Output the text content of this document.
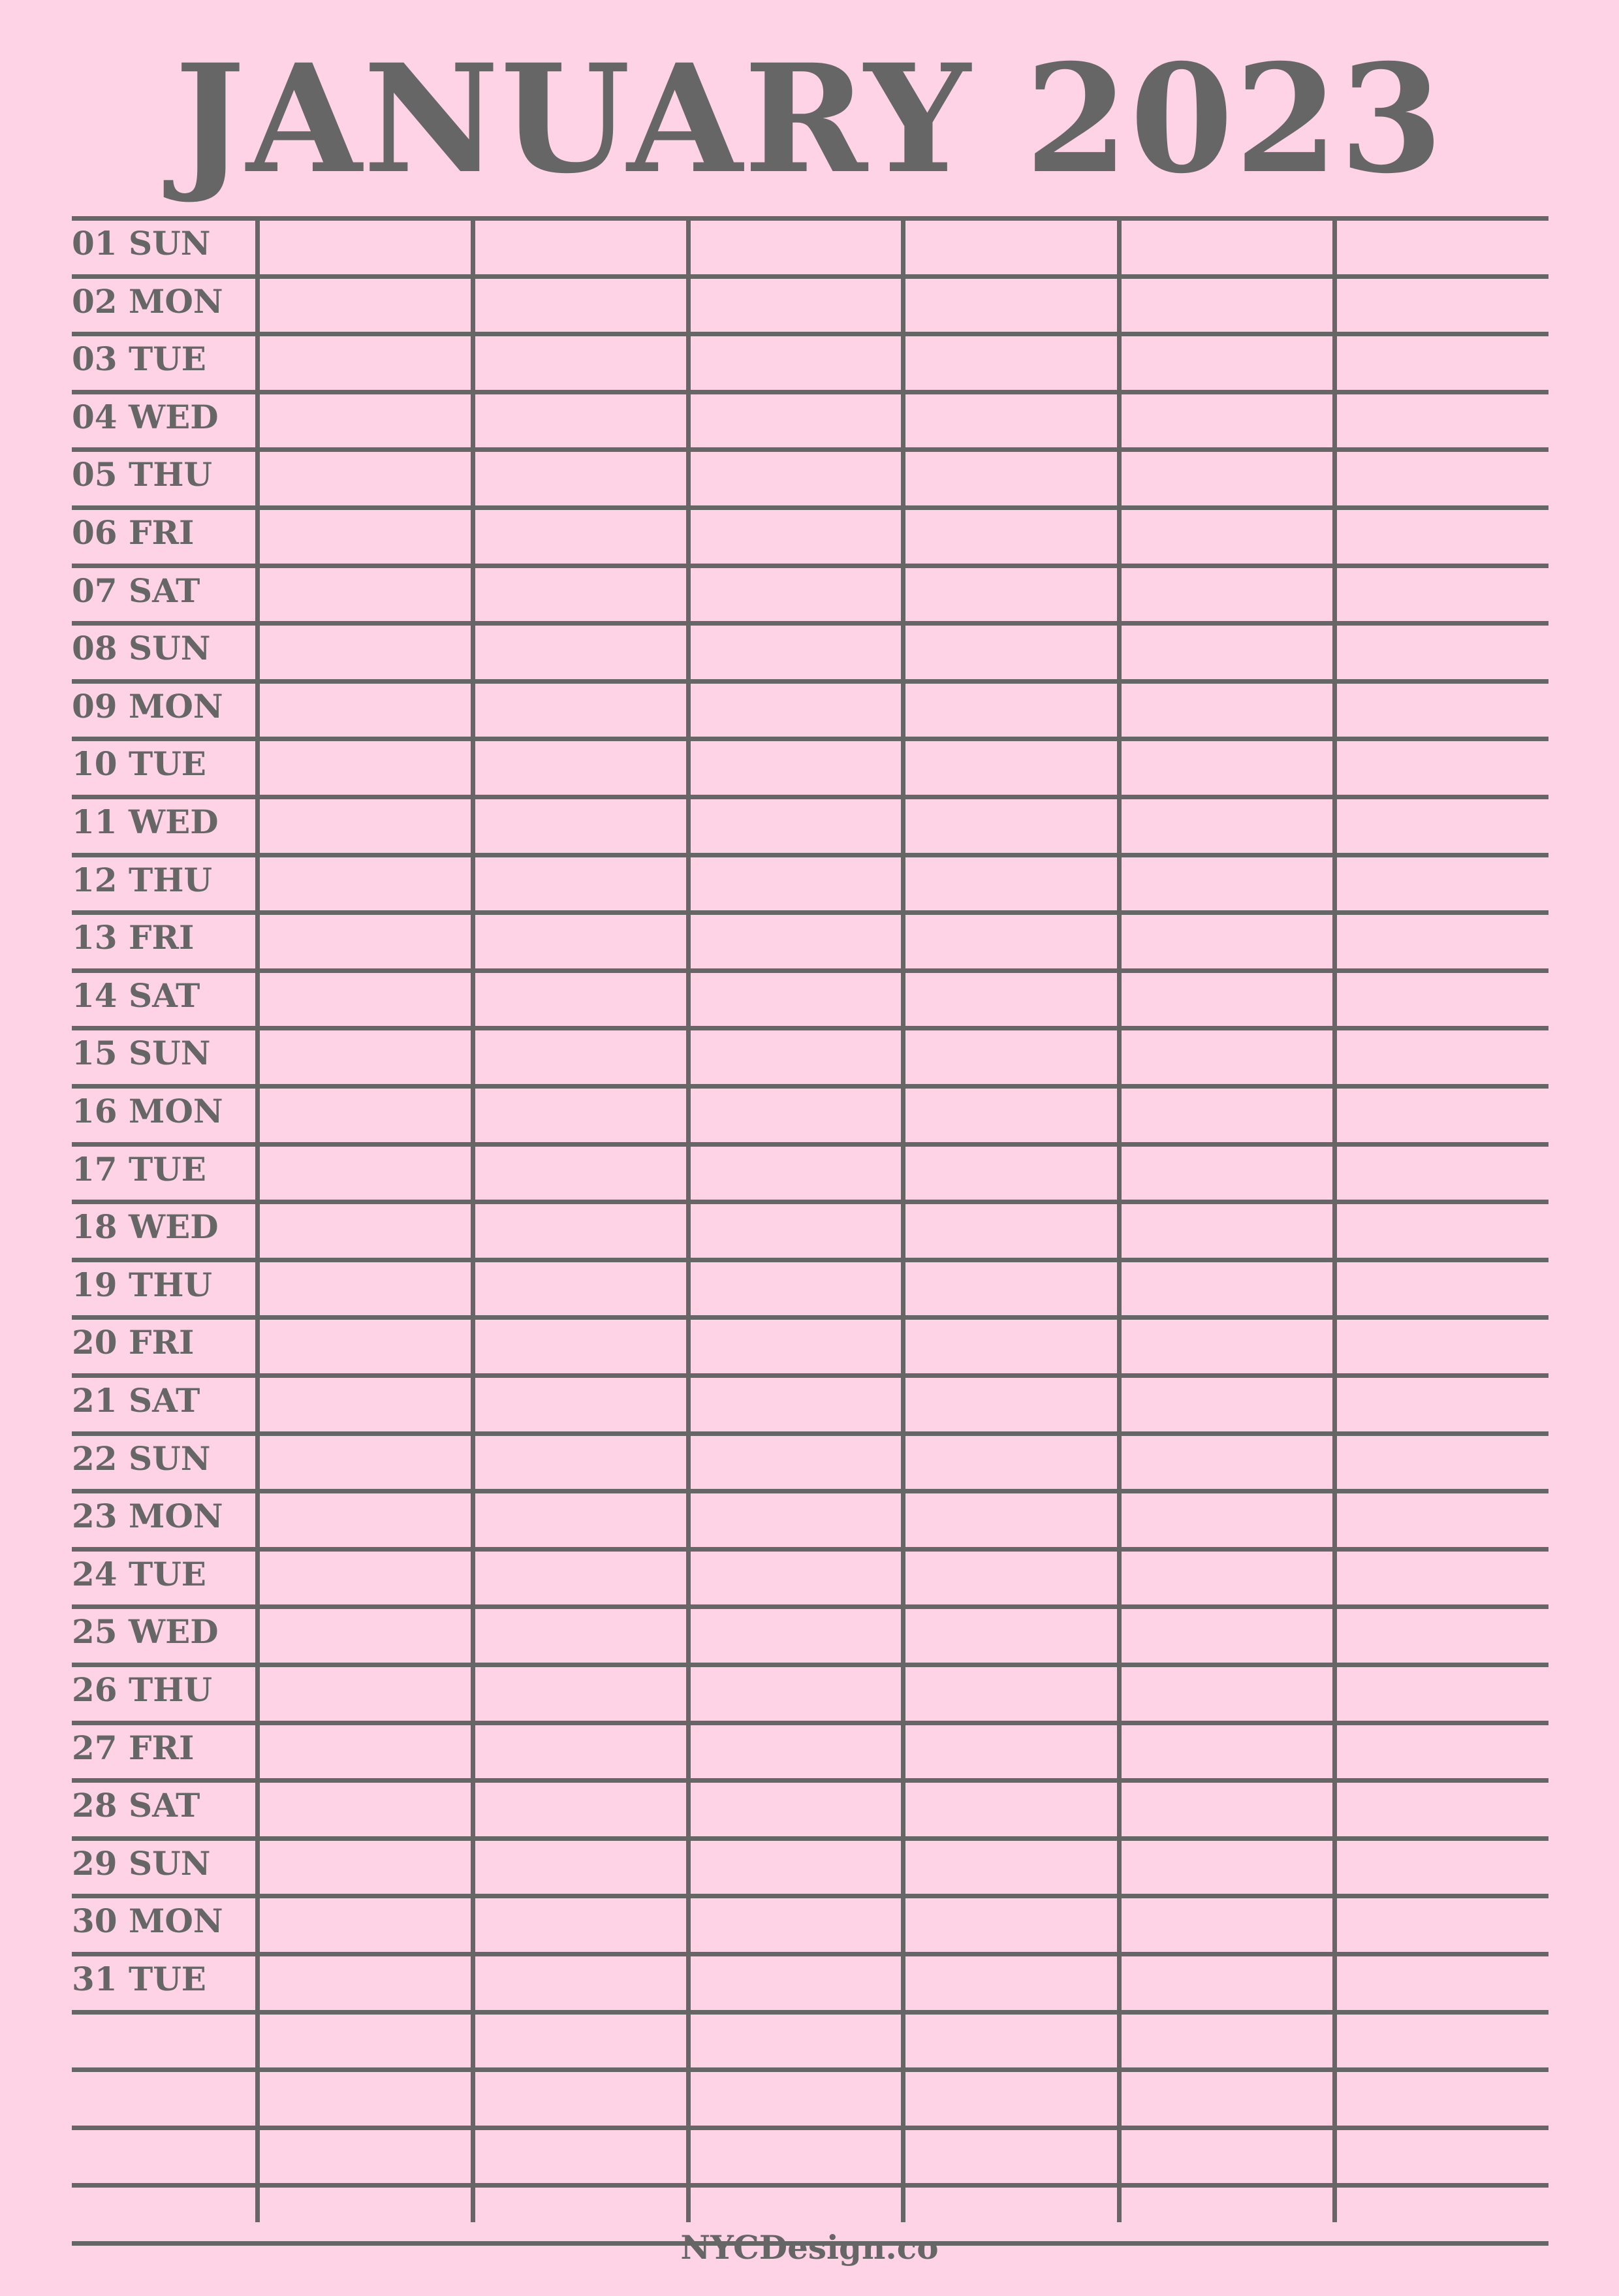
JANUARY 2023
01 SUN
02 MON
03 TUE
04 WED
05 THU
06 FRI
07 SAT
08 SUN
09 MON
10 TUE
11 WED
12 THU
13 FRI
14 SAT
15 SUN
16 MON
17 TUE
18 WED
19 THU
20 FRI
21 SAT
22 SUN
23 MON
24 TUE
25 WED
26 THU
27 FRI
28 SAT
29 SUN
30 MON
31 TUE
NYCDesign.co
